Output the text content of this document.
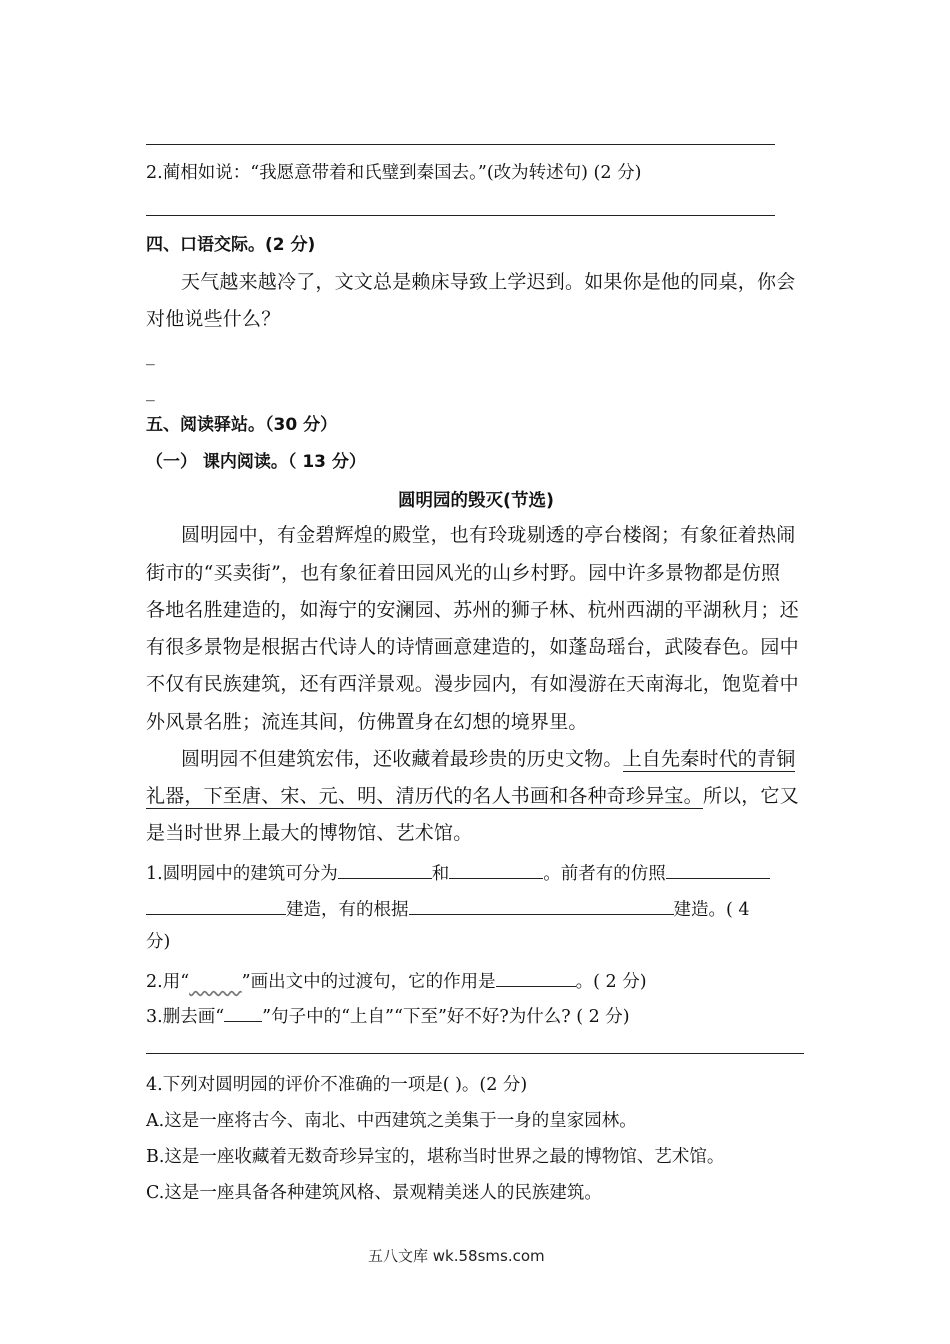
2.蔺相如说：“我愿意带着和氏璧到秦国去。”(改为转述句) (2 分)
四、口语交际。(2 分)
天气越来越冷了，文文总是赖床导致上学迟到。如果你是他的同桌，你会
对他说些什么？
_
_
五、阅读驿站。（30 分）
（一） 课内阅读。（ 13 分）
圆明园的毁灭(节选)
圆明园中，有金碧辉煌的殿堂，也有玲珑剔透的亭台楼阁；有象征着热闹
街市的“买卖街”，也有象征着田园风光的山乡村野。园中许多景物都是仿照
各地名胜建造的，如海宁的安澜园、苏州的狮子林、杭州西湖的平湖秋月；还
有很多景物是根据古代诗人的诗情画意建造的，如蓬岛瑶台，武陵春色。园中
不仅有民族建筑，还有西洋景观。漫步园内，有如漫游在天南海北，饱览着中
外风景名胜；流连其间，仿佛置身在幻想的境界里。
圆明园不但建筑宏伟，还收藏着最珍贵的历史文物。上自先秦时代的青铜
礼器，下至唐、宋、元、明、清历代的名人书画和各种奇珍异宝。所以，它又
是当时世界上最大的博物馆、艺术馆。
1.圆明园中的建筑可分为	和	。前者有的仿照
建造，有的根据	建造。( 4
分)
2.用“	”画出文中的过渡句，它的作用是	。( 2 分)
3.删去画“ ”句子中的“上自”“下至”好不好?为什么? ( 2 分)
4.下列对圆明园的评价不准确的一项是( )。(2 分)
A.这是一座将古今、南北、中西建筑之美集于一身的皇家园林。
B.这是一座收藏着无数奇珍异宝的，堪称当时世界之最的博物馆、艺术馆。
C.这是一座具备各种建筑风格、景观精美迷人的民族建筑。
五八文库 wk.58sms.com
